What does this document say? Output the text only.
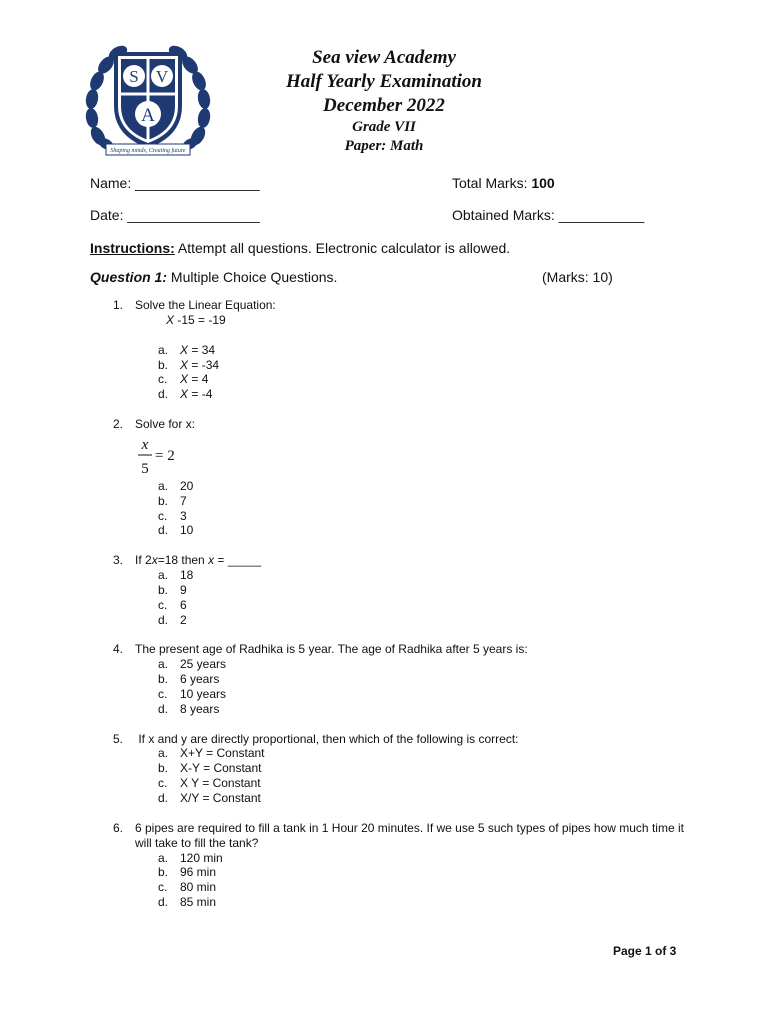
S V
A
Shaping minds, Creating future
Sea view Academy
Half Yearly Examination
December 2022
Grade VII
Paper: Math
Name: ________________	Total Marks: 100
Date: _________________	Obtained Marks: ___________
Instructions: Attempt all questions. Electronic calculator is allowed.
Question 1: Multiple Choice Questions.	(Marks: 10)
1. Solve the Linear Equation:
X -15 = -19
a. X = 34
b. X = -34
c. X = 4
d. X = -4
2. Solve for x:
x
5
= 2
a. 20
b. 7
c. 3
d. 10
3. If 2x=18 then x = _____
a. 18
b. 9
c. 6
d. 2
4. The present age of Radhika is 5 year. The age of Radhika after 5 years is:
a. 25 years
b. 6 years
c. 10 years
d. 8 years
5. If x and y are directly proportional, then which of the following is correct:
a. X+Y = Constant
b. X-Y = Constant
c. X Y = Constant
d. X/Y = Constant
6. 6 pipes are required to fill a tank in 1 Hour 20 minutes. If we use 5 such types of pipes how much time it
will take to fill the tank?
a. 120 min
b. 96 min
c. 80 min
d. 85 min
Page 1 of 3
